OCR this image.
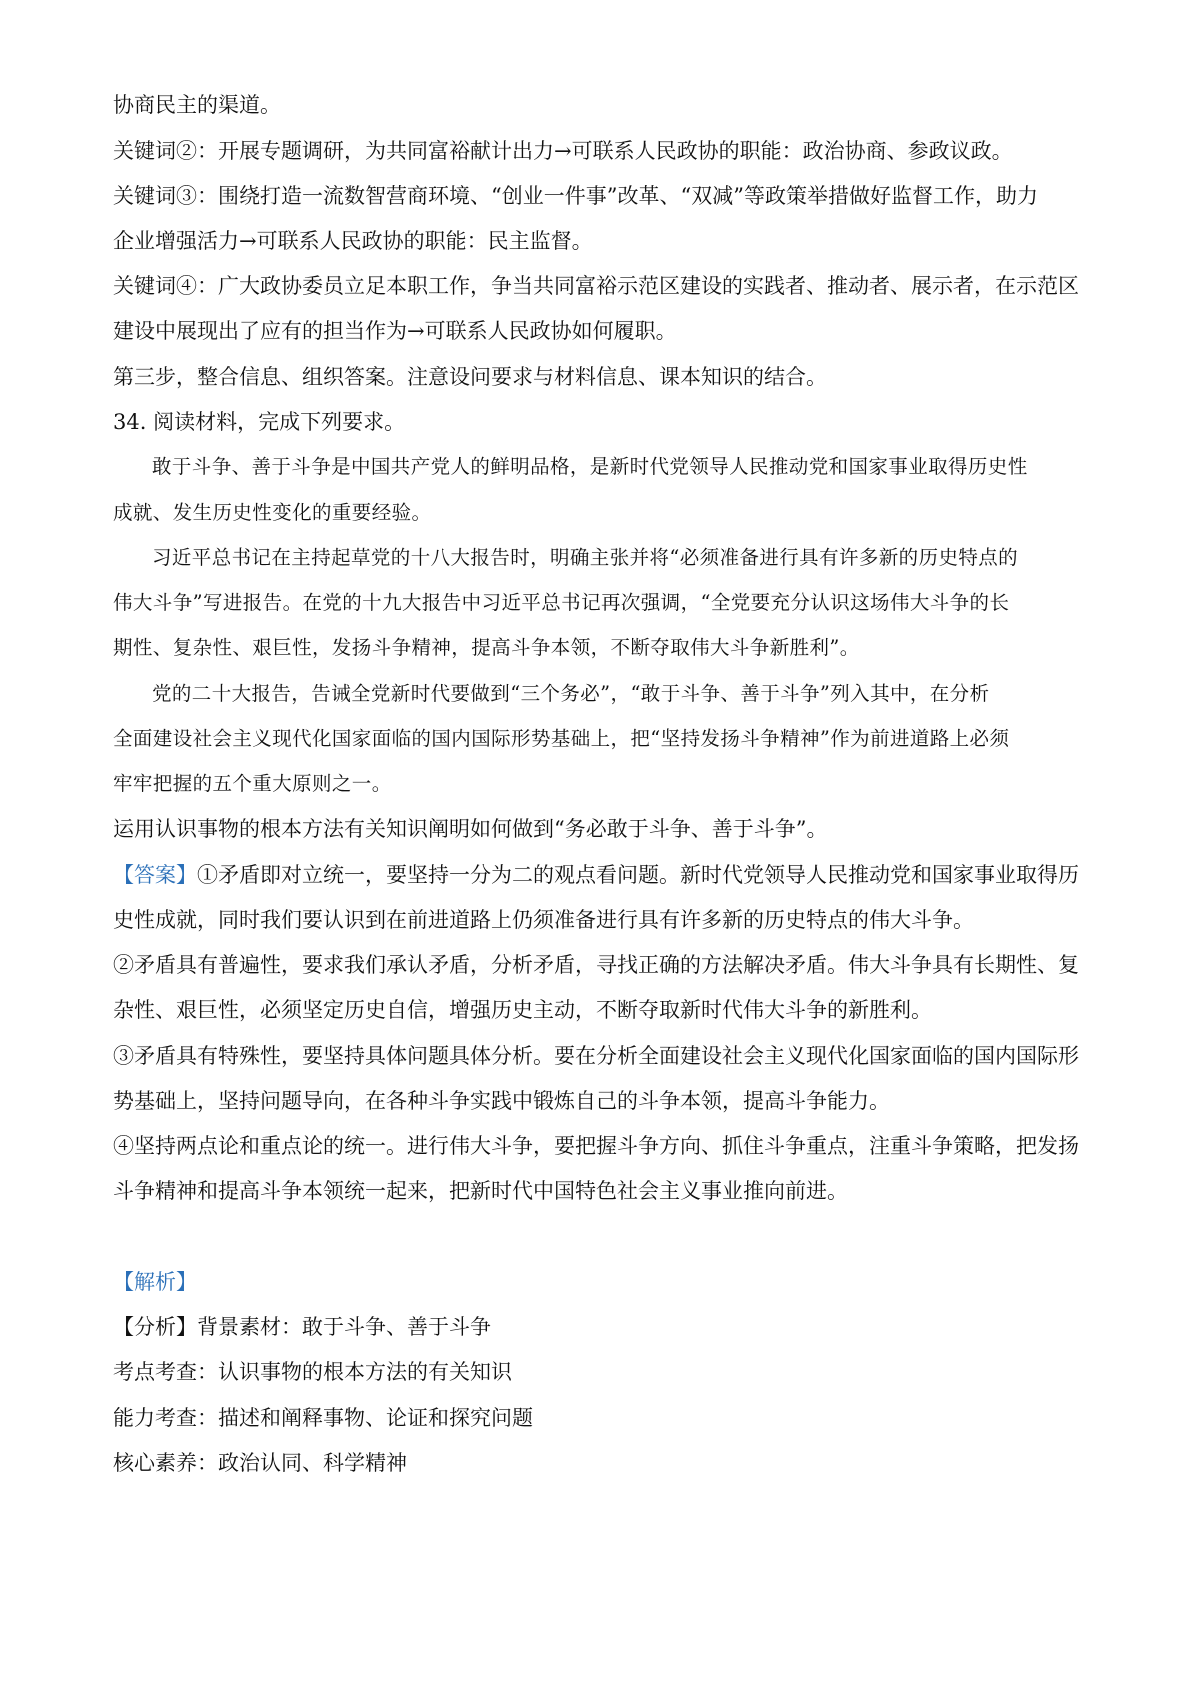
协商民主的渠道。
关键词②：开展专题调研，为共同富裕献计出力→可联系人民政协的职能：政治协商、参政议政。
关键词③：围绕打造一流数智营商环境、“创业一件事”改革、“双减”等政策举措做好监督工作，助力
企业增强活力→可联系人民政协的职能：民主监督。
关键词④：广大政协委员立足本职工作，争当共同富裕示范区建设的实践者、推动者、展示者，在示范区
建设中展现出了应有的担当作为→可联系人民政协如何履职。
第三步，整合信息、组织答案。注意设问要求与材料信息、课本知识的结合。
34. 阅读材料，完成下列要求。
敢于斗争、善于斗争是中国共产党人的鲜明品格，是新时代党领导人民推动党和国家事业取得历史性
成就、发生历史性变化的重要经验。
习近平总书记在主持起草党的十八大报告时，明确主张并将“必须准备进行具有许多新的历史特点的
伟大斗争”写进报告。在党的十九大报告中习近平总书记再次强调，“全党要充分认识这场伟大斗争的长
期性、复杂性、艰巨性，发扬斗争精神，提高斗争本领，不断夺取伟大斗争新胜利”。
党的二十大报告，告诫全党新时代要做到“三个务必”，“敢于斗争、善于斗争”列入其中，在分析
全面建设社会主义现代化国家面临的国内国际形势基础上，把“坚持发扬斗争精神”作为前进道路上必须
牢牢把握的五个重大原则之一。
运用认识事物的根本方法有关知识阐明如何做到“务必敢于斗争、善于斗争”。
【答案】①矛盾即对立统一，要坚持一分为二的观点看问题。新时代党领导人民推动党和国家事业取得历
史性成就，同时我们要认识到在前进道路上仍须准备进行具有许多新的历史特点的伟大斗争。
②矛盾具有普遍性，要求我们承认矛盾，分析矛盾，寻找正确的方法解决矛盾。伟大斗争具有长期性、复
杂性、艰巨性，必须坚定历史自信，增强历史主动，不断夺取新时代伟大斗争的新胜利。
③矛盾具有特殊性，要坚持具体问题具体分析。要在分析全面建设社会主义现代化国家面临的国内国际形
势基础上，坚持问题导向，在各种斗争实践中锻炼自己的斗争本领，提高斗争能力。
④坚持两点论和重点论的统一。进行伟大斗争，要把握斗争方向、抓住斗争重点，注重斗争策略，把发扬
斗争精神和提高斗争本领统一起来，把新时代中国特色社会主义事业推向前进。
【解析】
【分析】背景素材：敢于斗争、善于斗争
考点考查：认识事物的根本方法的有关知识
能力考查：描述和阐释事物、论证和探究问题
核心素养：政治认同、科学精神
